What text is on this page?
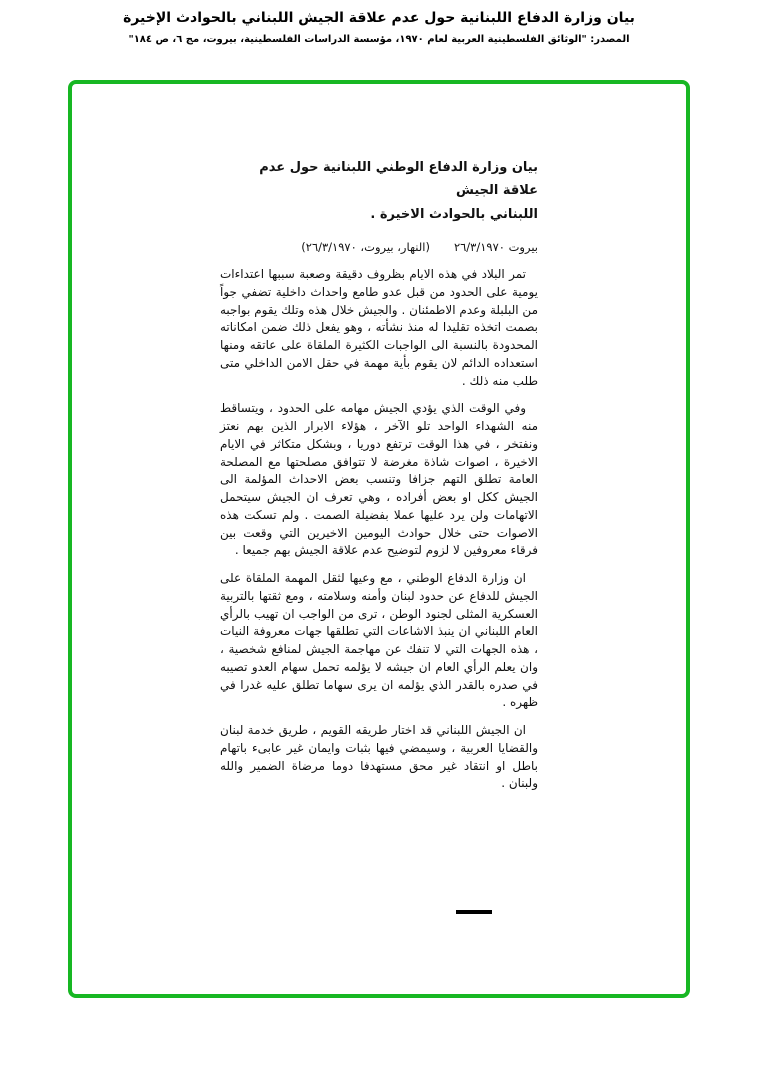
بيان وزارة الدفاع اللبنانية حول عدم علاقة الجيش اللبناني بالحوادث الإخيرة
المصدر: "الوثائق الفلسطينية العربية لعام ١٩٧٠، مؤسسة الدراسات الفلسطينية، بيروت، مج ٦، ص ١٨٤"
بيان وزارة الدفاع الوطني اللبنانية حول عدم علاقة الجيش
اللبناني بالحوادث الاخيرة .
بيروت ٢٦/٣/١٩٧٠
(النهار، بيروت، ٢٦/٣/١٩٧٠)

تمر البلاد في هذه الايام بظروف دقيقة وصعبة سببها اعتداءات يومية على الحدود من قبل عدو طامع واحداث داخلية تضفي جواً من البلبلة وعدم الاطمئنان . والجيش خلال هذه وتلك يقوم بواجبه بصمت اتخذه تقليدا له منذ نشأته ، وهو يفعل ذلك ضمن امكاناته المحدودة بالنسبة الى الواجبات الكثيرة الملقاة على عاتقه ومنها استعداده الدائم لان يقوم بأية مهمة في حقل الامن الداخلي متى طلب منه ذلك .

وفي الوقت الذي يؤدي الجيش مهامه على الحدود ، ويتساقط منه الشهداء الواحد تلو الآخر ، هؤلاء الابرار الذين بهم نعتز ونفتخر ، في هذا الوقت ترتفع دوريا ، وبشكل متكاثر في الايام الاخيرة ، اصوات شاذة مغرضة لا تتوافق مصلحتها مع المصلحة العامة تطلق التهم جزافا وتنسب بعض الاحداث المؤلمة الى الجيش ككل او بعض أفراده ، وهي تعرف ان الجيش سيتحمل الاتهامات ولن يرد عليها عملا بفضيلة الصمت . ولم تسكت هذه الاصوات حتى خلال حوادث اليومين الاخيرين التي وقعت بين فرقاء معروفين لا لزوم لتوضيح عدم علاقة الجيش بهم جميعا .

ان وزارة الدفاع الوطني ، مع وعيها لثقل المهمة الملقاة على الجيش للدفاع عن حدود لبنان وأمنه وسلامته ، ومع ثقتها بالتربية العسكرية المثلى لجنود الوطن ، ترى من الواجب ان تهيب بالرأي العام اللبناني ان ينبذ الاشاعات التي تطلقها جهات معروفة النيات ، هذه الجهات التي لا تنفك عن مهاجمة الجيش لمنافع شخصية ، وان يعلم الرأي العام ان جيشه لا يؤلمه تحمل سهام العدو تصيبه في صدره بالقدر الذي يؤلمه ان يرى سهاما تطلق عليه غدرا في ظهره .

ان الجيش اللبناني قد اختار طريقه القويم ، طريق خدمة لبنان والقضايا العربية ، وسيمضي فيها بثبات وايمان غير عابىء باتهام باطل او انتقاد غير محق مستهدفا دوما مرضاة الضمير والله ولبنان .
